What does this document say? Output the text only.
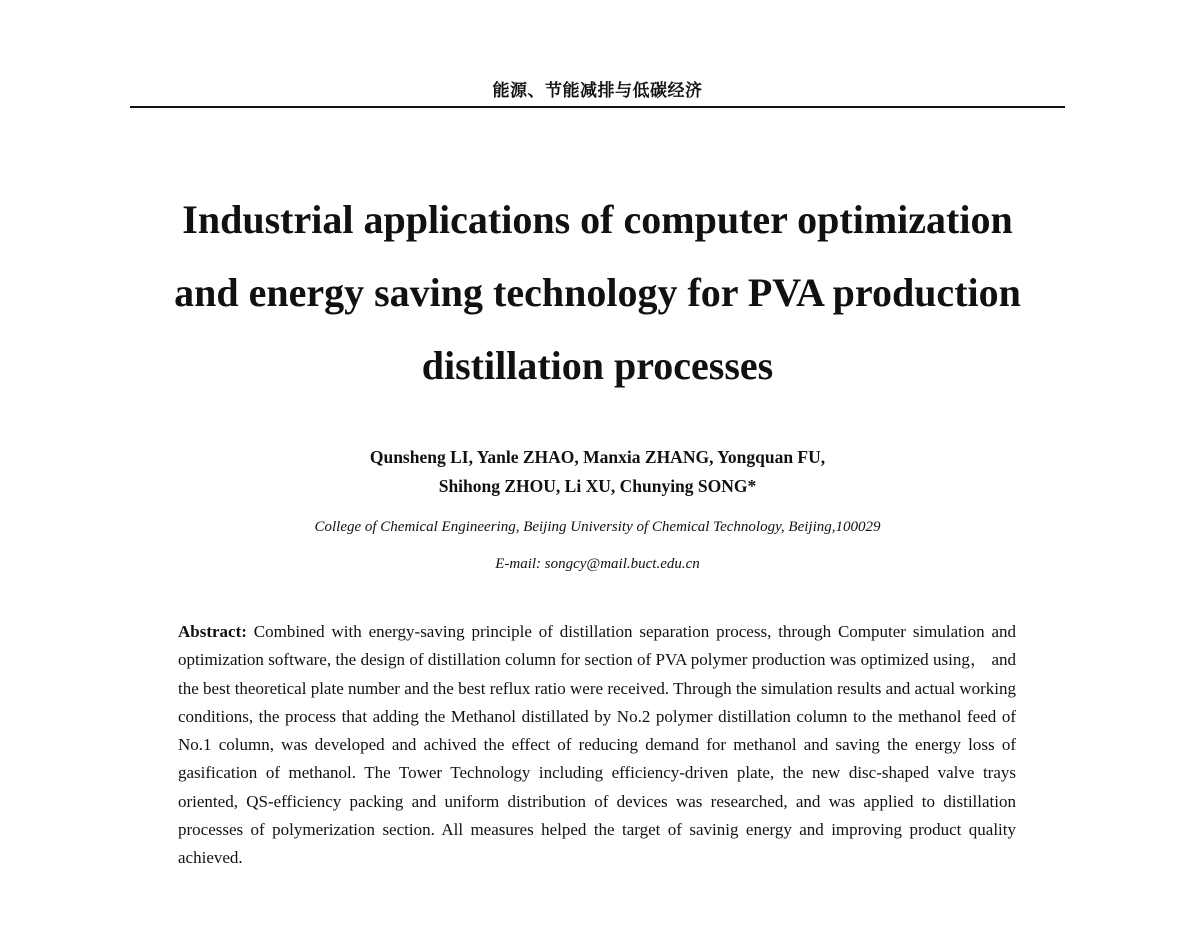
能源、节能减排与低碳经济
Industrial applications of computer optimization
and energy saving technology for PVA production
distillation processes
Qunsheng LI, Yanle ZHAO, Manxia ZHANG, Yongquan FU,
Shihong ZHOU, Li XU, Chunying SONG*
College of Chemical Engineering, Beijing University of Chemical Technology, Beijing,100029
E-mail: songcy@mail.buct.edu.cn

Abstract: Combined with energy-saving principle of distillation separation process, through Computer simulation and optimization software, the design of distillation column for section of PVA polymer production was optimized using， and the best theoretical plate number and the best reflux ratio were received. Through the simulation results and actual working conditions, the process that adding the Methanol distillated by No.2 polymer distillation column to the methanol feed of No.1 column, was developed and achived the effect of reducing demand for methanol and saving the energy loss of gasification of methanol. The Tower Technology including efficiency-driven plate, the new disc-shaped valve trays oriented, QS-efficiency packing and uniform distribution of devices was researched, and was applied to distillation processes of polymerization section. All measures helped the target of savinig energy and improving product quality achieved.
